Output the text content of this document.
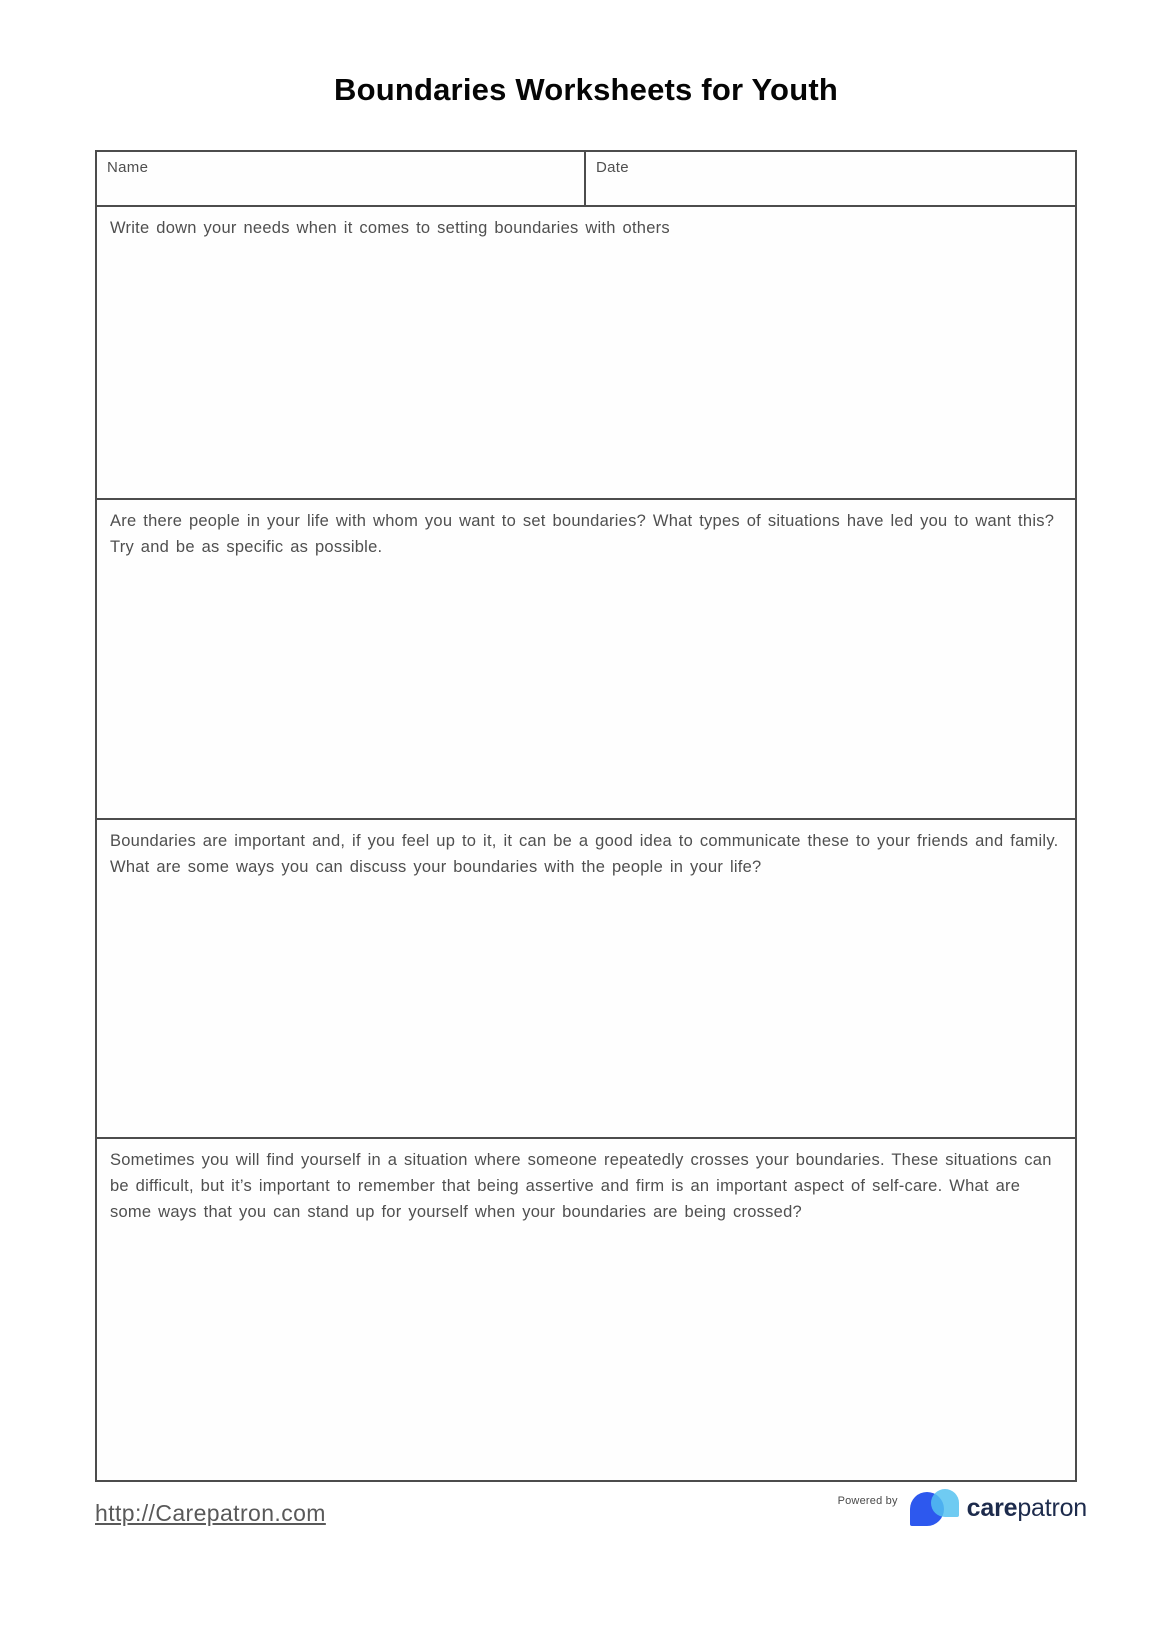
Boundaries Worksheets for Youth
Name	Date
Write down your needs when it comes to setting boundaries with others
Are there people in your life with whom you want to set boundaries? What types of situations have led you to want this? Try and be as specific as possible.
Boundaries are important and, if you feel up to it, it can be a good idea to communicate these to your friends and family. What are some ways you can discuss your boundaries with the people in your life?
Sometimes you will find yourself in a situation where someone repeatedly crosses your boundaries. These situations can be difficult, but it’s important to remember that being assertive and firm is an important aspect of self-care. What are some ways that you can stand up for yourself when your boundaries are being crossed?
http://Carepatron.com	Powered by	carepatron
